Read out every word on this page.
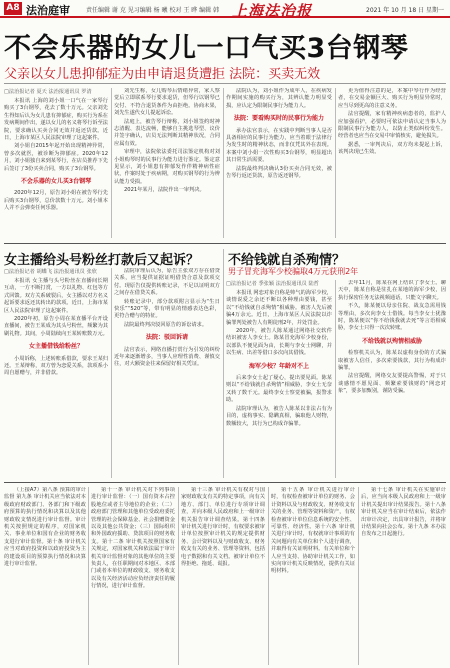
A8 法治庭审	责任编辑 谢 克 见习编辑 杨 曦 校对 王 晔 编辑 韩 上海法治报	2021 年 10 月 18 日 星期一
不会乐器的女儿一口气买3台钢琴
父亲以女儿患抑郁症为由申请退货遭拒 法院：买卖无效
□法治报记者 夏天 法治报通讯员 罗清
本报讯 上海的刘小姐一口气在一家琴行购买了3台钢琴，花去了数十万元。父亲刘先生得知后认为女儿患有抑郁症，购买行为系在发病期间作出，遂以女儿的名义将琴行诉至法院，要求确认买卖合同无效并返还货款。近日，上海市某区人民法院审理了这起案件。
刘小姐自2015年起开始出现精神异常，曾多次就医，被诊断为抑郁症。2020年12月，刘小姐独自来到某琴行，在店员推荐下先后签订了3份买卖合同，购买了3台钢琴。
不会乐器的女儿买3台钢琴
2020年12月，原告刘小姐在被告琴行先后购买3台钢琴，总价款数十万元。刘小姐本人并不会弹奏任何乐器。
刘先生称，女儿购琴后情绪异常，家人察觉后立即联系琴行要求退货，但琴行以钢琴已交付、不符合退货条件为由拒绝。协商未果，刘先生遂代女儿提起诉讼。
法庭上，被告琴行辩称，刘小姐签约时神志清醒、表达流畅，能够自主挑选琴型、议价并签字确认，店员无法判断其精神状况，合同应属有效。
审理中，法院依法委托司法鉴定机构对刘小姐购琴时的民事行为能力进行鉴定。鉴定意见显示，刘小姐患有抑郁发作伴精神病性症状，作案时处于疾病期，对购买钢琴的行为辨认能力受损。
2021年某月，法院作出一审判决。
法院认为，刘小姐作为成年人，在疾病发作期间实施的购买行为，其辨认能力明显受损，应认定为限制民事行为能力人。
法院：要看购买时的民事行为能力
承办法官表示，在实践中判断当事人是否具备相应的民事行为能力，应当着眼于法律行为发生时的精神状态，而非仅凭其外在表现。本案中刘小姐一次性购买3台钢琴，明显超出其日常生活需要。
法院最终判决确认3份买卖合同无效，被告琴行返还货款，原告返还钢琴。
更为值得注意的是，本案中琴行作为经营者，在交易金额巨大、购买行为明显异常时，应当尽到更高的注意义务。
法官提醒，家有精神疾病患者的，监护人应加强看护，必要时可依法申请认定当事人为限制民事行为能力人，以防止类似纠纷发生。经营者也应当在交易中审慎核实，避免损失。
据悉，一审判决后，双方均未提起上诉，该判决现已生效。
女主播给头号粉丝打款后又起诉？
□法治报记者 胡蝶飞 法治报通讯员 张欣
本报讯 女主播与头号粉丝在直播间长期互动，一方不断打赏，一方以礼物、红包等方式回馈。双方关系破裂后，女主播以对方名义起诉要求返还其转出的款项。近日，上海市某区人民法院审理了这起案件。
2020年初，原告小周在某直播平台开设直播间，被告王某成为其头号粉丝，频繁为其刷礼物。其间，小周陆续向王某转账数万元。
女主播借钱给粉丝？
小周诉称，上述转账系借款，要求王某归还。王某辩称，双方曾为恋爱关系，款项系小周自愿赠与，并非借款。
法院审理后认为，原告主张双方存在借贷关系，应当提供证据证明借贷合意及款项交付。现原告仅提供转账记录，不足以证明双方之间存在借贷关系。
转账记录中，部分款项附言显示为“生日快乐”“520”等，带有明显的情感表达色彩，更符合赠与的特征。
法院最终判决驳回原告的诉讼请求。
法院：驳回诉请
法官表示，网络直播打赏行为引发的纠纷近年来逐渐增多，当事人应理性消费、谨慎交往，对大额资金往来保留好相关凭证。
不给钱就自杀殉情？
男子冒充海军少校骗取4万元获刑2年
□法治报记者 季张颖 法治报通讯员 陆哲
本报讯 网恋对象自称是帅气的海军少校，谈情说爱之余还不断以各种理由要钱，甚至以“不给钱就自杀殉情”相威胁。被害人先后被骗4万余元。近日，上海市某区人民法院以诈骗罪判处被告人有期徒刑2年，并处罚金。
2020年，被告人陈某通过网络社交软件结识被害人李女士。陈某冒充海军少校身份，以部队不便见面为由，长期与李女士网聊，并以生病、出差等借口多次向其借钱。
海军少校？年龄对不上
后来李女士起了疑心，提出要见面。陈某则以“不给钱就自杀殉情”相威胁，李女士无奈又转了数千元。最终李女士察觉被骗，报警求助。
法院审理认为，被告人陈某以非法占有为目的，虚构事实、隐瞒真相，骗取他人财物，数额较大，其行为已构成诈骗罪。
去年11月，陈某在网上结识了李女士。聊天中，陈某自称是驻扎在某地的海军少校，因执行保密任务无法视频通话，只能文字聊天。
不久，陈某便以母亲住院、战友急需用钱等理由，多次向李女士借钱。每当李女士犹豫时，陈某便以“你不给钱我就去死”等言语相威胁，李女士只得一次次转账。
不给钱就以殉情相威胁
检察机关认为，陈某以虚构身份的方式骗取被害人信任，多次索要钱款，其行为构成诈骗罪。
法官提醒，网络交友要提高警惕，对于只谈感情不愿见面、频繁索要钱财的“网恋对象”，要多加甄别，谨防受骗。
（上接A7）第八条 预算的审计监督 第九条 审计机关应当依法对本级政府财政部门、各部门和下级政府预算的执行情况和决算以及其他财政收支情况进行审计监督。审计机关按照规定的程序，对国家机关、事业单位和国有企业的财务收支进行审计监督。第十条 审计机关应当对政府投资和以政府投资为主的建设项目的预算执行情况和决算进行审计监督。
第十一条 审计机关对下列事项进行审计监督：（一）国有资本占控股地位或者主导地位的企业；（二）政府部门管理和其他单位受政府委托管理的社会保障基金、社会捐赠资金以及其他公共资金；（三）国际组织和外国政府援助、贷款项目的财务收支。第十二条 审计机关按照国家有关规定，对国家机关和依法属于审计机关审计监督对象的其他单位的主要负责人，在任职期间对本地区、本部门或者本单位的财政收支、财务收支以及有关经济活动应负经济责任的履行情况，进行审计监督。
第十三条 审计机关有权对与国家财政收支有关的特定事项，向有关地方、部门、单位进行专项审计调查，并向本级人民政府和上一级审计机关报告审计调查结果。第十四条 审计机关进行审计时，有权要求被审计单位按照审计机关的规定提供财务、会计资料以及与财政收支、财务收支有关的业务、管理等资料，包括电子数据和有关文档。被审计单位不得拒绝、拖延、谎报。
第十五条 审计机关进行审计时，有权检查被审计单位的财务、会计资料以及与财政收支、财务收支有关的业务、管理等资料和资产，有权检查被审计单位信息系统的安全性、可靠性、经济性。第十六条 审计机关进行审计时，有权就审计事项的有关问题向有关单位和个人进行调查，并取得有关证明材料。有关单位和个人应当支持、协助审计机关工作，如实向审计机关反映情况，提供有关证明材料。
第十七条 审计机关在实施审计后，应当向本级人民政府和上一级审计机关提出审计结果报告。第十八条 审计机关应当在审计结束后，依法作出审计决定，出具审计报告，并将审计结果向社会公布。第十九条 本办法自发布之日起施行。
